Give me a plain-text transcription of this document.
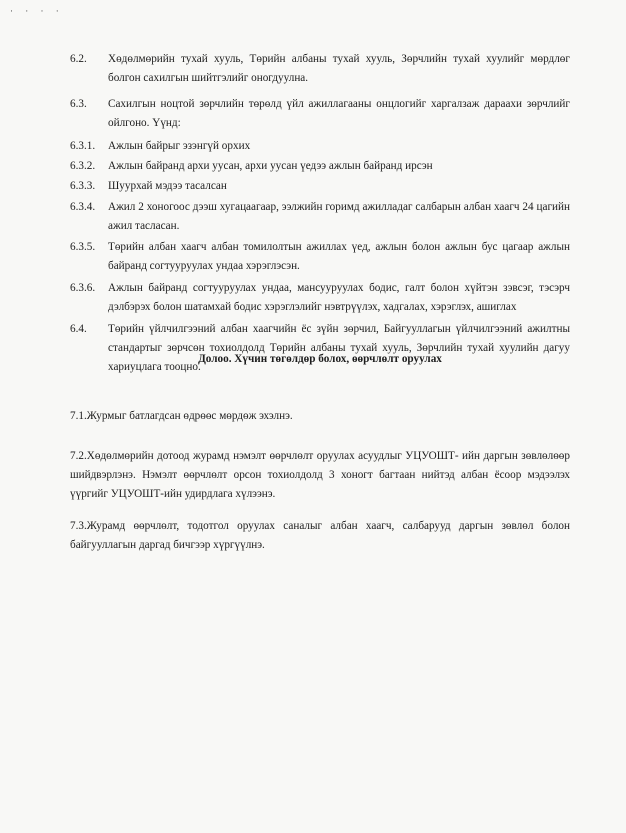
· · · ·
6.2. Хөдөлмөрийн тухай хууль, Төрийн албаны тухай хууль, Зөрчлийн тухай хуулийг мөрдлөг болгон сахилгын шийтгэлийг оногдуулна.
6.3. Сахилгын ноцтой зөрчлийн төрөлд үйл ажиллагааны онцлогийг харгалзаж дараахи зөрчлийг ойлгоно. Үүнд:
6.3.1. Ажлын байрыг эзэнгүй орхих
6.3.2. Ажлын байранд архи уусан, архи уусан үедээ ажлын байранд ирсэн
6.3.3. Шуурхай мэдээ тасалсан
6.3.4. Ажил 2 хоногоос дээш хугацаагаар, ээлжийн горимд ажилладаг салбарын албан хаагч 24 цагийн ажил тасласан.
6.3.5. Төрийн албан хаагч албан томилолтын ажиллах үед, ажлын болон ажлын бус цагаар ажлын байранд согтууруулах ундаа хэрэглэсэн.
6.3.6. Ажлын байранд согтууруулах ундаа, мансууруулах бодис, галт болон хүйтэн зэвсэг, тэсэрч дэлбэрэх болон шатамхай бодис хэрэглэлийг нэвтрүүлэх, хадгалах, хэрэглэх, ашиглах
6.4. Төрийн үйлчилгээний албан хаагчийн ёс зүйн зөрчил, Байгууллагын үйлчилгээний ажилтны стандартыг зөрчсөн тохиолдолд Төрийн албаны тухай хууль, Зөрчлийн тухай хуулийн дагуу хариуцлага тооцно.
Долоо. Хүчин төгөлдөр болох, өөрчлөлт оруулах
7.1.Журмыг батлагдсан өдрөөс мөрдөж эхэлнэ.
7.2.Хөдөлмөрийн дотоод журамд нэмэлт өөрчлөлт оруулах асуудлыг УЦУОШТ- ийн даргын зөвлөлөөр шийдвэрлэнэ. Нэмэлт өөрчлөлт орсон тохиолдолд 3 хоногт багтаан нийтэд албан ёсоор мэдээлэх үүргийг УЦУОШТ-ийн удирдлага хүлээнэ.
7.3.Журамд өөрчлөлт, тодотгол оруулах саналыг албан хаагч, салбарууд даргын зөвлөл болон байгууллагын даргад бичгээр хүргүүлнэ.
